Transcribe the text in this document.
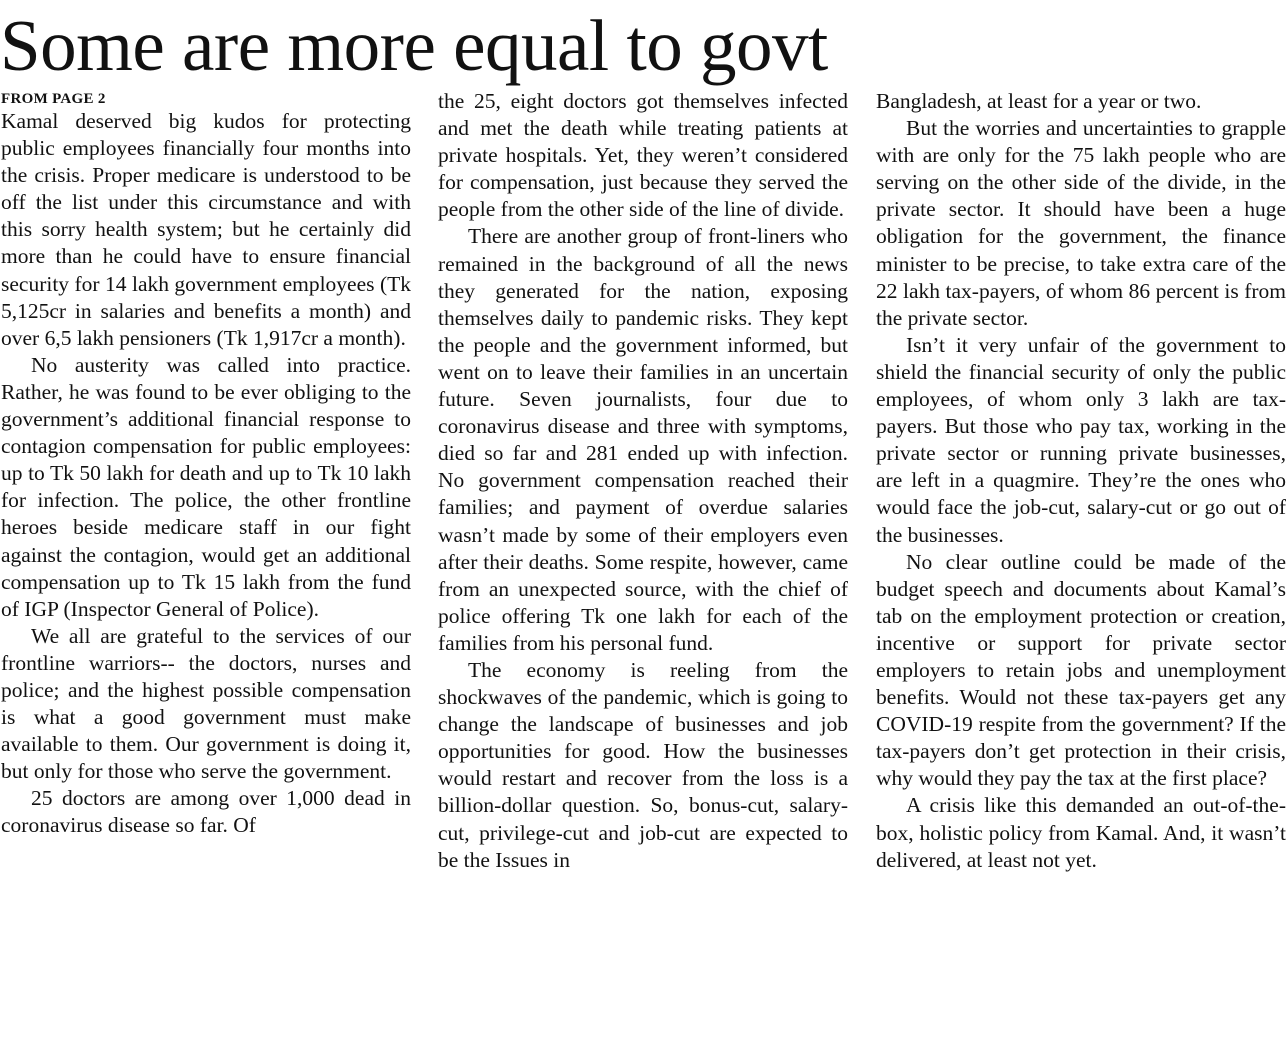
Some are more equal to govt
FROM PAGE 2

Kamal deserved big kudos for protecting public employees financially four months into the crisis. Proper medicare is understood to be off the list under this circumstance and with this sorry health system; but he certainly did more than he could have to ensure financial security for 14 lakh government employees (Tk 5,125cr in salaries and benefits a month) and over 6,5 lakh pensioners (Tk 1,917cr a month).

No austerity was called into practice. Rather, he was found to be ever obliging to the government’s additional financial response to contagion compensation for public employees: up to Tk 50 lakh for death and up to Tk 10 lakh for infection. The police, the other frontline heroes beside medicare staff in our fight against the contagion, would get an additional compensation up to Tk 15 lakh from the fund of IGP (Inspector General of Police).

We all are grateful to the services of our frontline warriors-- the doctors, nurses and police; and the highest possible compensation is what a good government must make available to them. Our government is doing it, but only for those who serve the government.

25 doctors are among over 1,000 dead in coronavirus disease so far. Of

the 25, eight doctors got themselves infected and met the death while treating patients at private hospitals. Yet, they weren’t considered for compensation, just because they served the people from the other side of the line of divide.

There are another group of front-liners who remained in the background of all the news they generated for the nation, exposing themselves daily to pandemic risks. They kept the people and the government informed, but went on to leave their families in an uncertain future. Seven journalists, four due to coronavirus disease and three with symptoms, died so far and 281 ended up with infection. No government compensation reached their families; and payment of overdue salaries wasn’t made by some of their employers even after their deaths. Some respite, however, came from an unexpected source, with the chief of police offering Tk one lakh for each of the families from his personal fund.

The economy is reeling from the shockwaves of the pandemic, which is going to change the landscape of businesses and job opportunities for good. How the businesses would restart and recover from the loss is a billion-dollar question. So, bonus-cut, salary-cut, privilege-cut and job-cut are expected to be the Issues in

Bangladesh, at least for a year or two.

But the worries and uncertainties to grapple with are only for the 75 lakh people who are serving on the other side of the divide, in the private sector. It should have been a huge obligation for the government, the finance minister to be precise, to take extra care of the 22 lakh tax-payers, of whom 86 percent is from the private sector.

Isn’t it very unfair of the government to shield the financial security of only the public employees, of whom only 3 lakh are tax-payers. But those who pay tax, working in the private sector or running private businesses, are left in a quagmire. They’re the ones who would face the job-cut, salary-cut or go out of the businesses.

No clear outline could be made of the budget speech and documents about Kamal’s tab on the employment protection or creation, incentive or support for private sector employers to retain jobs and unemployment benefits. Would not these tax-payers get any COVID-19 respite from the government? If the tax-payers don’t get protection in their crisis, why would they pay the tax at the first place?

A crisis like this demanded an out-of-the-box, holistic policy from Kamal. And, it wasn’t delivered, at least not yet.
